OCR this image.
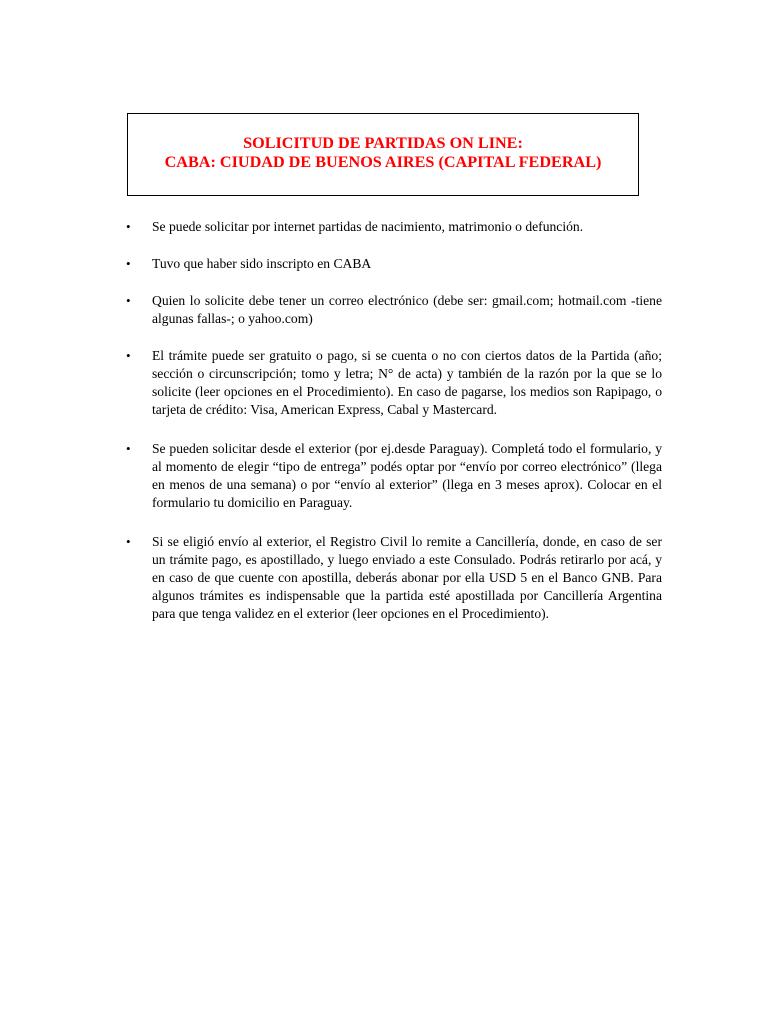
SOLICITUD DE PARTIDAS ON LINE:
CABA: CIUDAD DE BUENOS AIRES (CAPITAL FEDERAL)
•	Se puede solicitar por internet partidas de nacimiento, matrimonio o defunción.
•	Tuvo que haber sido inscripto en CABA
•	Quien lo solicite debe tener un correo electrónico (debe ser: gmail.com; hotmail.com -tiene algunas fallas-; o yahoo.com)
•	El trámite puede ser gratuito o pago, si se cuenta o no con ciertos datos de la Partida (año; sección o circunscripción; tomo y letra; N° de acta) y también de la razón por la que se lo solicite (leer opciones en el Procedimiento). En caso de pagarse, los medios son Rapipago, o tarjeta de crédito: Visa, American Express, Cabal y Mastercard.
•	Se pueden solicitar desde el exterior (por ej.desde Paraguay). Completá todo el formulario, y al momento de elegir “tipo de entrega” podés optar por “envío por correo electrónico” (llega en menos de una semana) o por “envío al exterior” (llega en 3 meses aprox). Colocar en el formulario tu domicilio en Paraguay.
•	Si se eligió envío al exterior, el Registro Civil lo remite a Cancillería, donde, en caso de ser un trámite pago, es apostillado, y luego enviado a este Consulado. Podrás retirarlo por acá, y en caso de que cuente con apostilla, deberás abonar por ella USD 5 en el Banco GNB. Para algunos trámites es indispensable que la partida esté apostillada por Cancillería Argentina para que tenga validez en el exterior (leer opciones en el Procedimiento).
